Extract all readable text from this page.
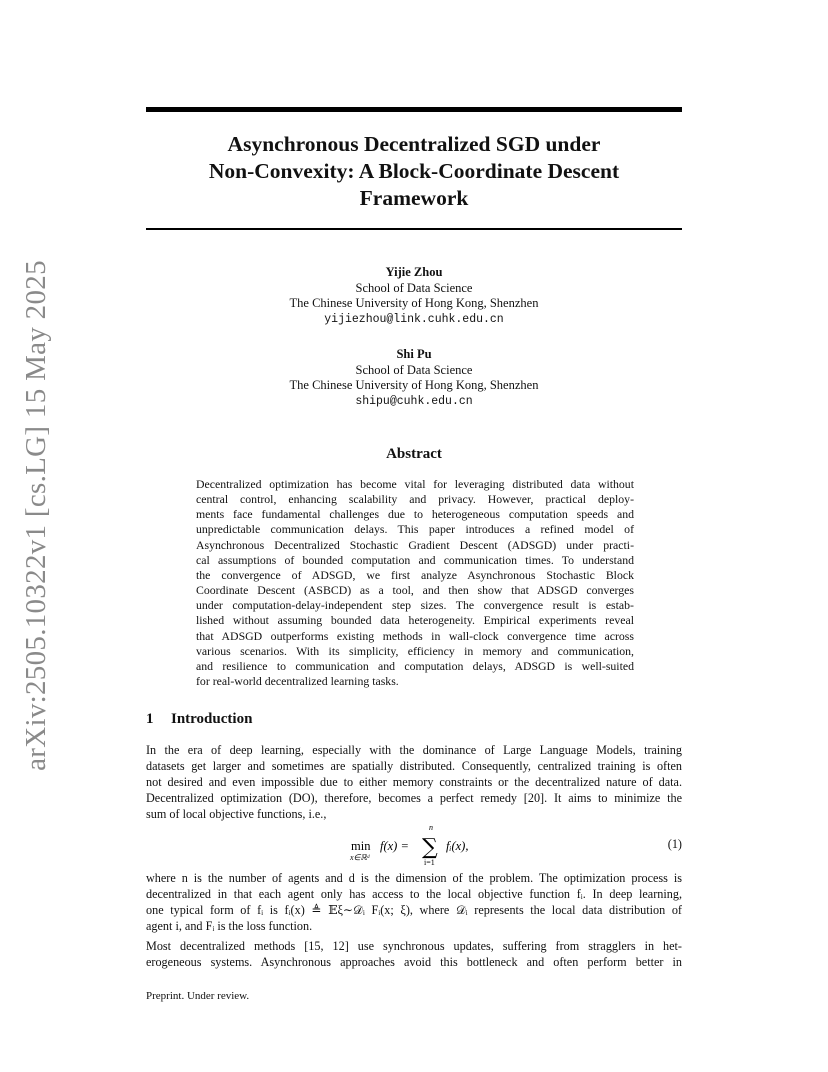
arXiv:2505.10322v1 [cs.LG] 15 May 2025
Asynchronous Decentralized SGD under
Non-Convexity: A Block-Coordinate Descent
Framework
Yijie Zhou
School of Data Science
The Chinese University of Hong Kong, Shenzhen
yijiezhou@link.cuhk.edu.cn
Shi Pu
School of Data Science
The Chinese University of Hong Kong, Shenzhen
shipu@cuhk.edu.cn
Abstract
Decentralized optimization has become vital for leveraging distributed data without
central control, enhancing scalability and privacy. However, practical deploy-
ments face fundamental challenges due to heterogeneous computation speeds and
unpredictable communication delays. This paper introduces a refined model of
Asynchronous Decentralized Stochastic Gradient Descent (ADSGD) under practi-
cal assumptions of bounded computation and communication times. To understand
the convergence of ADSGD, we first analyze Asynchronous Stochastic Block
Coordinate Descent (ASBCD) as a tool, and then show that ADSGD converges
under computation-delay-independent step sizes. The convergence result is estab-
lished without assuming bounded data heterogeneity. Empirical experiments reveal
that ADSGD outperforms existing methods in wall-clock convergence time across
various scenarios. With its simplicity, efficiency in memory and communication,
and resilience to communication and computation delays, ADSGD is well-suited
for real-world decentralized learning tasks.
1 Introduction
In the era of deep learning, especially with the dominance of Large Language Models, training
datasets get larger and sometimes are spatially distributed. Consequently, centralized training is often
not desired and even impossible due to either memory constraints or the decentralized nature of data.
Decentralized optimization (DO), therefore, becomes a perfect remedy [20]. It aims to minimize the
sum of local objective functions, i.e.,
min
x∈ℝᵈ
f(x) =
n
∑
i=1
fᵢ(x),	(1)
where n is the number of agents and d is the dimension of the problem. The optimization process is
decentralized in that each agent only has access to the local objective function fᵢ. In deep learning,
one typical form of fᵢ is fᵢ(x) ≜ 𝔼ξ∼𝒟ᵢ Fᵢ(x; ξ), where 𝒟ᵢ represents the local data distribution of
agent i, and Fᵢ is the loss function.
Most decentralized methods [15, 12] use synchronous updates, suffering from stragglers in het-
erogeneous systems. Asynchronous approaches avoid this bottleneck and often perform better in
Preprint. Under review.
